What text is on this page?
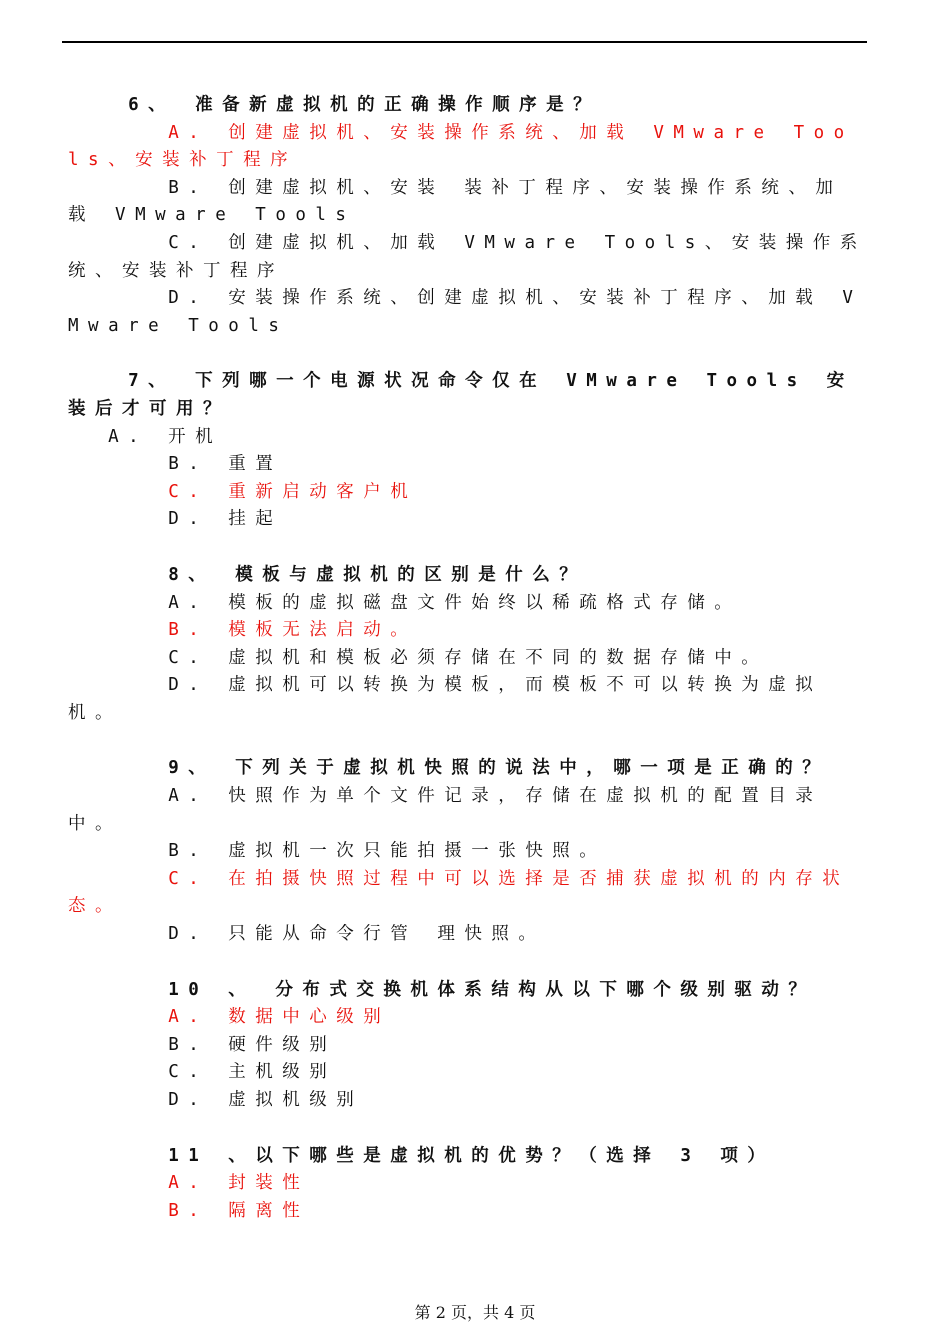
6、 准备新虚拟机的正确操作顺序是？

A. 创建虚拟机、安装操作系统、加载 VMware Tools、安装补丁程序

B. 创建虚拟机、安装 装补丁程序、安装操作系统、加载 VMware Tools

C. 创建虚拟机、加载 VMware Tools、安装操作系统、安装补丁程序

D. 安装操作系统、创建虚拟机、安装补丁程序、加载 VMware Tools

7、 下列哪一个电源状况命令仅在 VMware Tools 安装后才可用？

A. 开机

B. 重置

C. 重新启动客户机

D. 挂起

8、 模板与虚拟机的区别是什么？

A. 模板的虚拟磁盘文件始终以稀疏格式存储。

B. 模板无法启动。

C. 虚拟机和模板必须存储在不同的数据存储中。

D. 虚拟机可以转换为模板，而模板不可以转换为虚拟机。

9、 下列关于虚拟机快照的说法中，哪一项是正确的？

A. 快照作为单个文件记录，存储在虚拟机的配置目录中。

B. 虚拟机一次只能拍摄一张快照。

C. 在拍摄快照过程中可以选择是否捕获虚拟机的内存状态。

D. 只能从命令行管 理快照。

10 、 分布式交换机体系结构从以下哪个级别驱动？

A. 数据中心级别

B. 硬件级别

C. 主机级别

D. 虚拟机级别

11 、以下哪些是虚拟机的优势？（选择 3 项）

A. 封装性

B. 隔离性

第 2 页，共 4 页
